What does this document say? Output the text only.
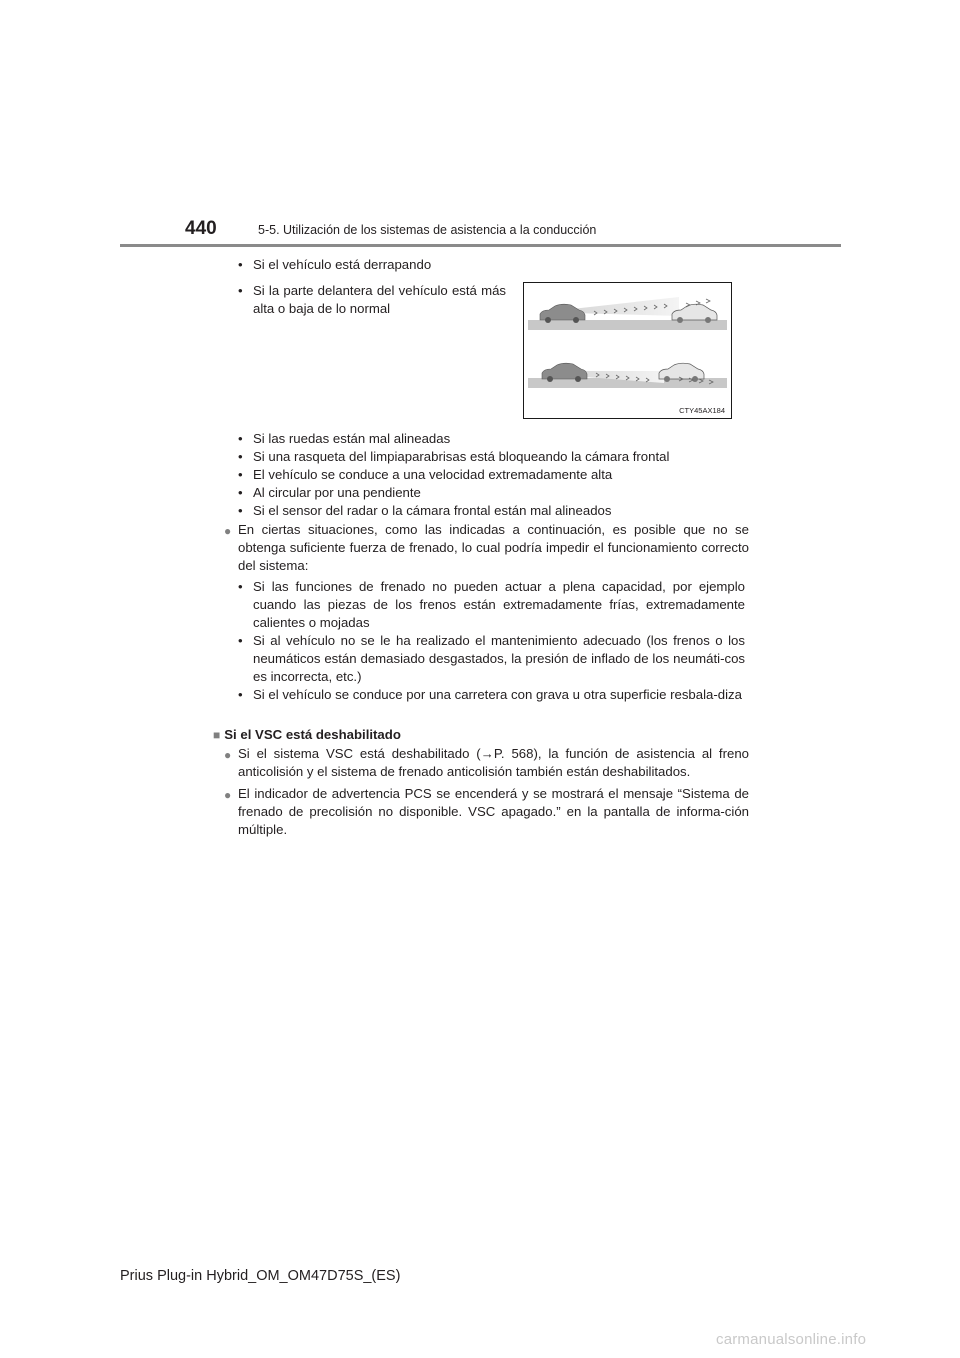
440	5-5. Utilización de los sistemas de asistencia a la conducción
• Si el vehículo está derrapando
• Si la parte delantera del vehículo está más alta o baja de lo normal
CTY45AX184
• Si las ruedas están mal alineadas
• Si una rasqueta del limpiaparabrisas está bloqueando la cámara frontal
• El vehículo se conduce a una velocidad extremadamente alta
• Al circular por una pendiente
• Si el sensor del radar o la cámara frontal están mal alineados
● En ciertas situaciones, como las indicadas a continuación, es posible que no se obtenga suficiente fuerza de frenado, lo cual podría impedir el funcionamiento correcto del sistema:
• Si las funciones de frenado no pueden actuar a plena capacidad, por ejemplo cuando las piezas de los frenos están extremadamente frías, extremadamente calientes o mojadas
• Si al vehículo no se le ha realizado el mantenimiento adecuado (los frenos o los neumáticos están demasiado desgastados, la presión de inflado de los neumáti-cos es incorrecta, etc.)
• Si el vehículo se conduce por una carretera con grava u otra superficie resbala-diza
■ Si el VSC está deshabilitado
● Si el sistema VSC está deshabilitado (→P. 568), la función de asistencia al freno anticolisión y el sistema de frenado anticolisión también están deshabilitados.
● El indicador de advertencia PCS se encenderá y se mostrará el mensaje “Sistema de frenado de precolisión no disponible. VSC apagado.” en la pantalla de informa-ción múltiple.
Prius Plug-in Hybrid_OM_OM47D75S_(ES)
carmanualsonline.info
